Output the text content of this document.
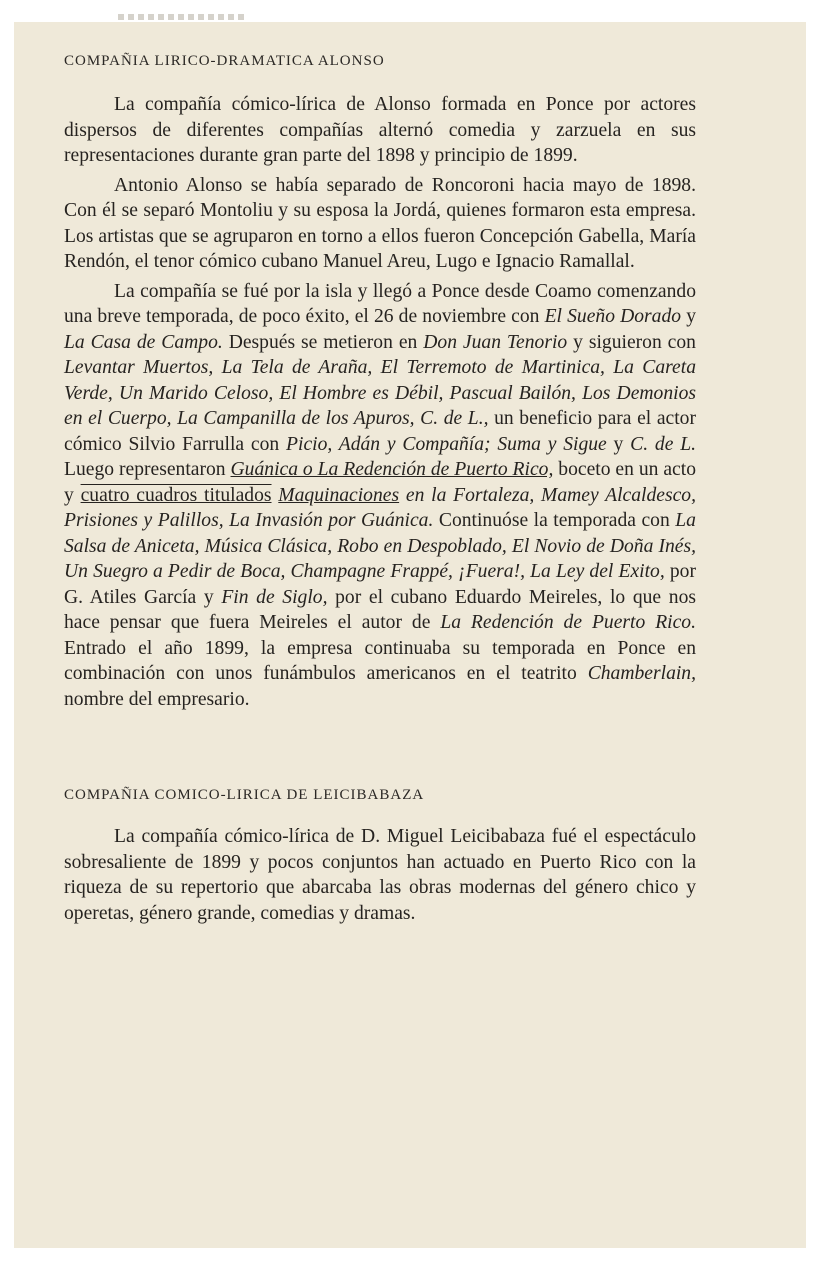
COMPAÑIA LIRICO-DRAMATICA ALONSO

La compañía cómico-lírica de Alonso formada en Ponce por actores dispersos de diferentes compañías alternó comedia y zarzuela en sus representaciones durante gran parte del 1898 y principio de 1899.

Antonio Alonso se había separado de Roncoroni hacia mayo de 1898. Con él se separó Montoliu y su esposa la Jordá, quienes formaron esta empresa. Los artistas que se agruparon en torno a ellos fueron Concepción Gabella, María Rendón, el tenor cómico cubano Manuel Areu, Lugo e Ignacio Ramallal.

La compañía se fué por la isla y llegó a Ponce desde Coamo comenzando una breve temporada, de poco éxito, el 26 de noviembre con El Sueño Dorado y La Casa de Campo. Después se metieron en Don Juan Tenorio y siguieron con Levantar Muertos, La Tela de Araña, El Terremoto de Martinica, La Careta Verde, Un Marido Celoso, El Hombre es Débil, Pascual Bailón, Los Demonios en el Cuerpo, La Campanilla de los Apuros, C. de L., un beneficio para el actor cómico Silvio Farrulla con Picio, Adán y Compañía; Suma y Sigue y C. de L. Luego representaron Guánica o La Redención de Puerto Rico, boceto en un acto y cuatro cuadros titulados Maquinaciones en la Fortaleza, Mamey Alcaldesco, Prisiones y Palillos, La Invasión por Guánica. Continuóse la temporada con La Salsa de Aniceta, Música Clásica, Robo en Despoblado, El Novio de Doña Inés, Un Suegro a Pedir de Boca, Champagne Frappé, ¡Fuera!, La Ley del Exito, por G. Atiles García y Fin de Siglo, por el cubano Eduardo Meireles, lo que nos hace pensar que fuera Meireles el autor de La Redención de Puerto Rico. Entrado el año 1899, la empresa continuaba su temporada en Ponce en combinación con unos funámbulos americanos en el teatrito Chamberlain, nombre del empresario.

COMPAÑIA COMICO-LIRICA DE LEICIBABAZA

La compañía cómico-lírica de D. Miguel Leicibabaza fué el espectáculo sobresaliente de 1899 y pocos conjuntos han actuado en Puerto Rico con la riqueza de su repertorio que abarcaba las obras modernas del género chico y operetas, género grande, comedias y dramas.
